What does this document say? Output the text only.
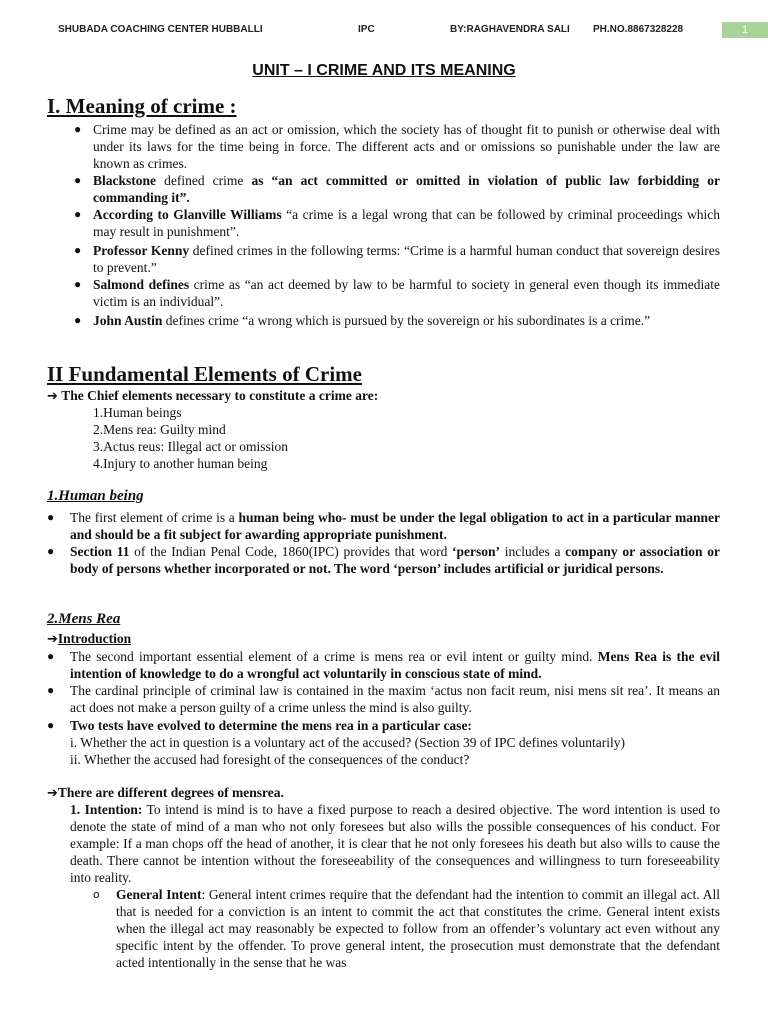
SHUBADA COACHING CENTER HUBBALLI	IPC	BY:RAGHAVENDRA SALI PH.NO.8867328228	1
UNIT – I CRIME AND ITS MEANING
I. Meaning of crime :
● Crime may be defined as an act or omission, which the society has of thought fit to punish or otherwise deal with under its laws for the time being in force. The different acts and or omissions so punishable under the law are known as crimes.
● Blackstone defined crime as “an act committed or omitted in violation of public law forbidding or commanding it”.
● According to Glanville Williams “a crime is a legal wrong that can be followed by criminal proceedings which may result in punishment”.
● Professor Kenny defined crimes in the following terms: “Crime is a harmful human conduct that sovereign desires to prevent.”
● Salmond defines crime as “an act deemed by law to be harmful to society in general even though its immediate victim is an individual”.
● John Austin defines crime “a wrong which is pursued by the sovereign or his subordinates is a crime.”
II Fundamental Elements of Crime
➔ The Chief elements necessary to constitute a crime are:
1.Human beings
2.Mens rea: Guilty mind
3.Actus reus: Illegal act or omission
4.Injury to another human being
1.Human being
● The first element of crime is a human being who- must be under the legal obligation to act in a particular manner and should be a fit subject for awarding appropriate punishment.
● Section 11 of the Indian Penal Code, 1860(IPC) provides that word ‘person’ includes a company or association or body of persons whether incorporated or not. The word ‘person’ includes artificial or juridical persons.
2.Mens Rea
➔Introduction
● The second important essential element of a crime is mens rea or evil intent or guilty mind. Mens Rea is the evil intention of knowledge to do a wrongful act voluntarily in conscious state of mind.
● The cardinal principle of criminal law is contained in the maxim ‘actus non facit reum, nisi mens sit rea’. It means an act does not make a person guilty of a crime unless the mind is also guilty.
● Two tests have evolved to determine the mens rea in a particular case:
i. Whether the act in question is a voluntary act of the accused? (Section 39 of IPC defines voluntarily)
ii. Whether the accused had foresight of the consequences of the conduct?
➔There are different degrees of mensrea.
1. Intention: To intend is mind is to have a fixed purpose to reach a desired objective. The word intention is used to denote the state of mind of a man who not only foresees but also wills the possible consequences of his conduct. For example: If a man chops off the head of another, it is clear that he not only foresees his death but also wills to cause the death. There cannot be intention without the foreseeability of the consequences and willingness to turn foreseeability into reality.
o General Intent: General intent crimes require that the defendant had the intention to commit an illegal act. All that is needed for a conviction is an intent to commit the act that constitutes the crime. General intent exists when the illegal act may reasonably be expected to follow from an offender’s voluntary act even without any specific intent by the offender. To prove general intent, the prosecution must demonstrate that the defendant acted intentionally in the sense that he was
